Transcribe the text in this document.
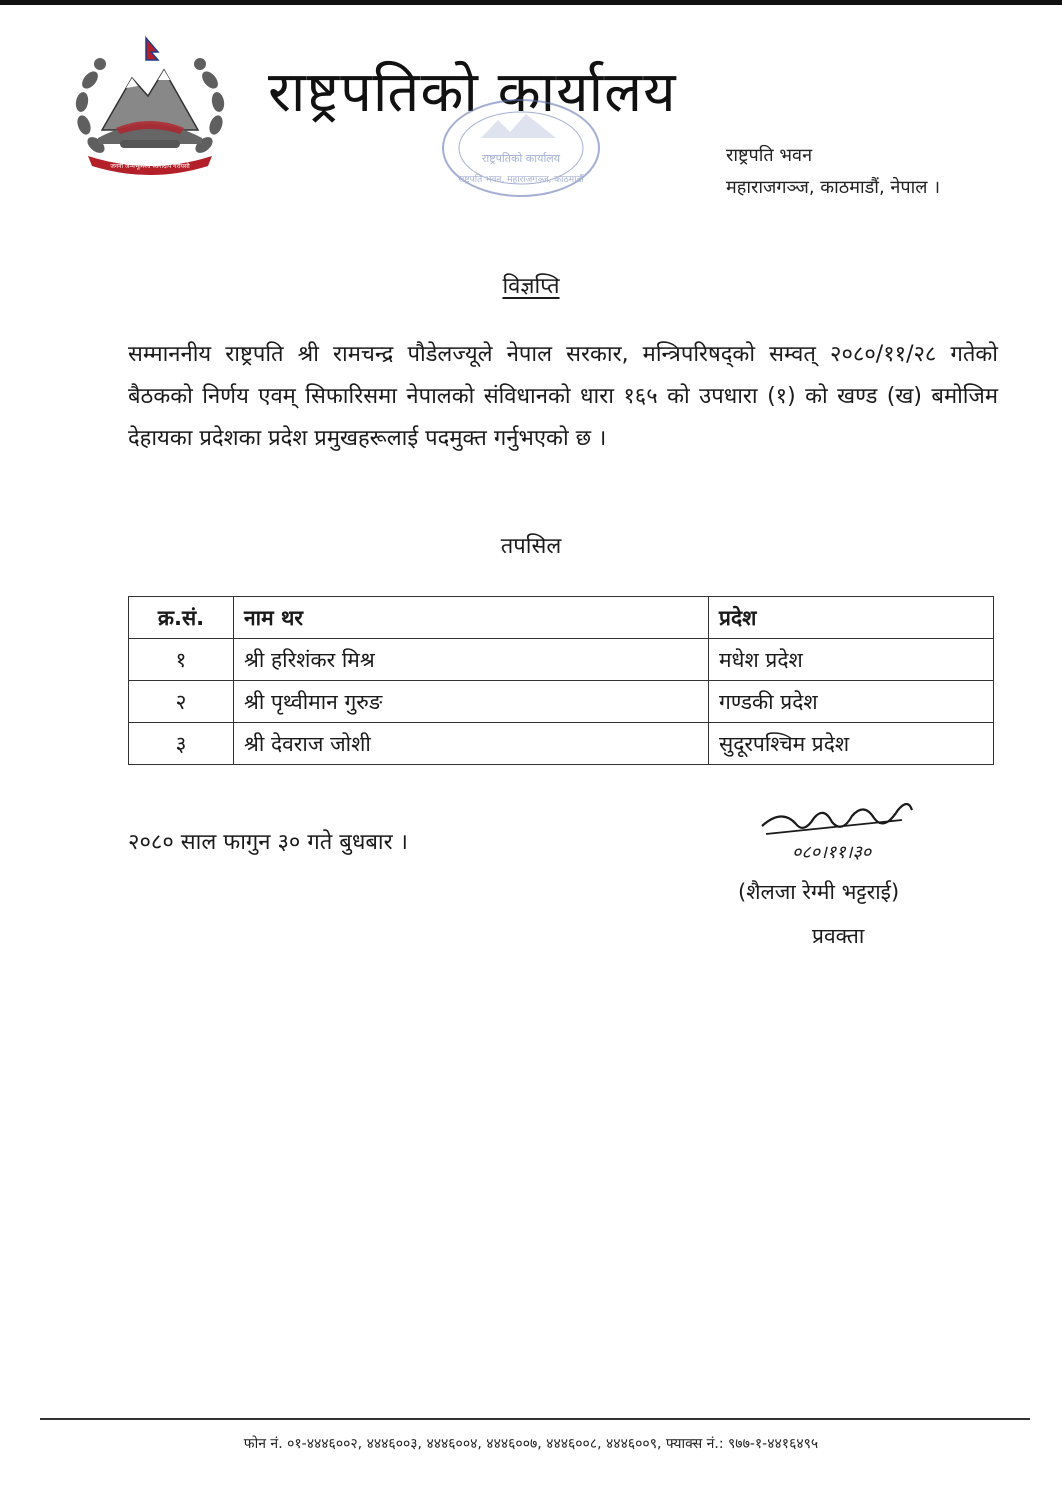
जननी जन्मभूमिश्च स्वर्गादपि गरीयसी
राष्ट्रपतिको कार्यालय
राष्ट्रपतिको कार्यालय
राष्ट्रपति भवन, महाराजगञ्ज, काठमाडौं
राष्ट्रपति भवन
महाराजगञ्ज, काठमाडौं, नेपाल ।
विज्ञप्ति
सम्माननीय राष्ट्रपति श्री रामचन्द्र पौडेलज्यूले नेपाल सरकार, मन्त्रिपरिषद्को सम्वत् २०८०/११/२८ गतेको बैठकको निर्णय एवम् सिफारिसमा नेपालको संविधानको धारा १६५ को उपधारा (१) को खण्ड (ख) बमोजिम देहायका प्रदेशका प्रदेश प्रमुखहरूलाई पदमुक्त गर्नुभएको छ ।
तपसिल
क्र.सं.	नाम थर	प्रदेश
१	श्री हरिशंकर मिश्र	मधेश प्रदेश
२	श्री पृथ्वीमान गुरुङ	गण्डकी प्रदेश
३	श्री देवराज जोशी	सुदूरपश्चिम प्रदेश
२०८० साल फागुन ३० गते बुधबार ।	०८०।११।३०
(शैलजा रेग्मी भट्टराई)
प्रवक्ता
फोन नं. ०१-४४४६००२, ४४४६००३, ४४४६००४, ४४४६००७, ४४४६००८, ४४४६००९, फ्याक्स नं.: ९७७-१-४४१६४९५
